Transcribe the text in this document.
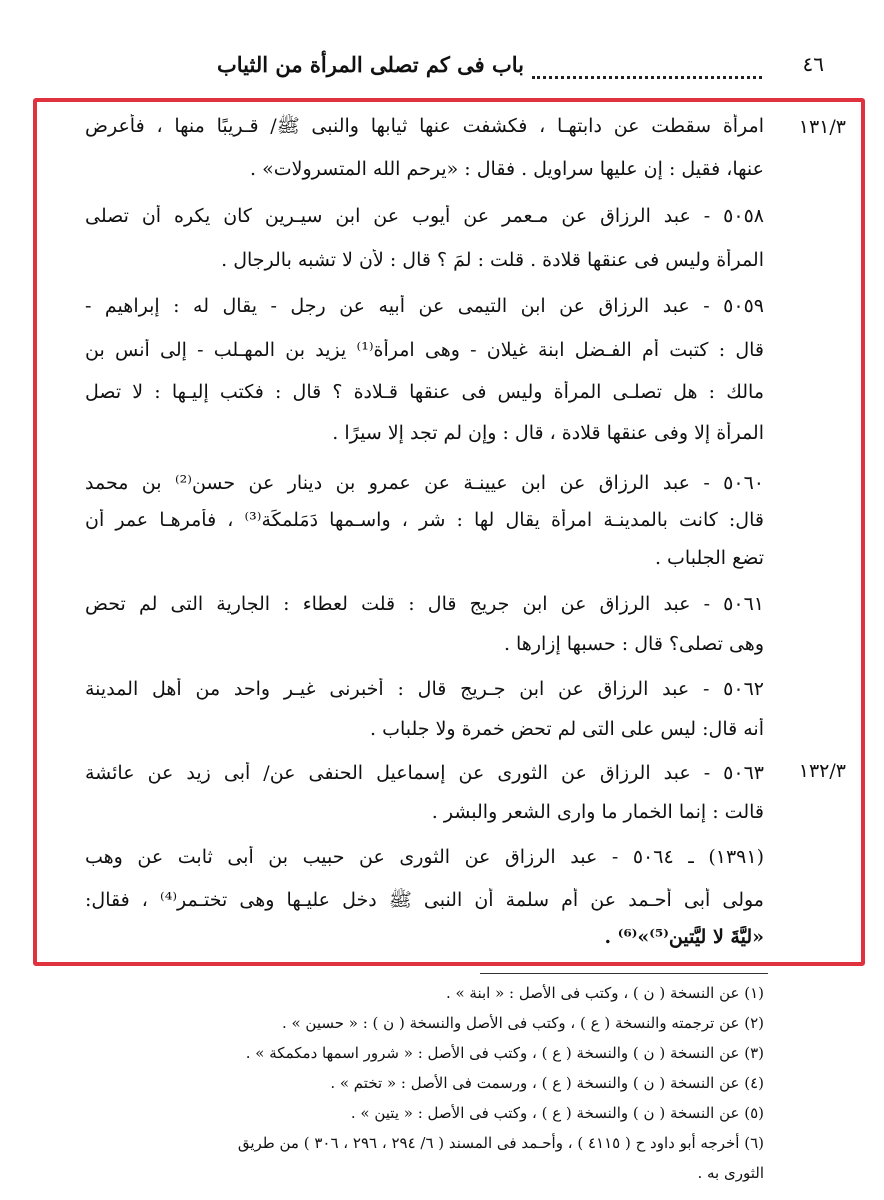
٤٦
باب فى كم تصلى المرأة من الثياب
١٣١/٣
١٣٢/٣
امرأة سقطت عن دابتهـا ، فكشفت عنها ثيابها والنبى ﷺ/ قـريبًا منها ، فأعرض
عنها، فقيل : إن عليها سراويل . فقال : «يرحم الله المتسرولات» .
٥٠٥٨ - عبد الرزاق عن مـعمر عن أيوب عن ابن سيـرين كان يكره أن تصلى
المرأة وليس فى عنقها قلادة . قلت : لمَ ؟ قال : لأن لا تشبه بالرجال .
٥٠٥٩ - عبد الرزاق عن ابن التيمى عن أبيه عن رجل - يقال له : إبراهيم -
قال : كتبت أم الفـضل ابنة غيلان - وهى امرأة⁽¹⁾ يزيد بن المهـلب - إلى أنس بن
مالك : هل تصلـى المرأة وليس فى عنقها قـلادة ؟ قال : فكتب إليـها : لا تصل
المرأة إلا وفى عنقها قلادة ، قال : وإن لم تجد إلا سيرًا .
٥٠٦٠ - عبد الرزاق عن ابن عيينـة عن عمرو بن دينار عن حسن⁽²⁾ بن محمد
قال: كانت بالمدينـة امرأة يقال لها : شر ، واسـمها دَمَلمكَة⁽³⁾ ، فأمرهـا عمر أن
تضع الجلباب .
٥٠٦١ - عبد الرزاق عن ابن جريج قال : قلت لعطاء : الجارية التى لم تحض
وهى تصلى؟ قال : حسبها إزارها .
٥٠٦٢ - عبد الرزاق عن ابن جـريج قال : أخبرنى غيـر واحد من أهل المدينة
أنه قال: ليس على التى لم تحض خمرة ولا جلباب .
٥٠٦٣ - عبد الرزاق عن الثورى عن إسماعيل الحنفى عن/ أبى زيد عن عائشة
قالت : إنما الخمار ما وارى الشعر والبشر .
(١٣٩١) ـ ٥٠٦٤ - عبد الرزاق عن الثورى عن حبيب بن أبى ثابت عن وهب
مولى أبى أحـمد عن أم سلمة أن النبى ﷺ دخل عليـها وهى تختـمر⁽⁴⁾ ، فقال:
«ليَّةَ لا ليَّتين⁽⁵⁾»⁽⁶⁾ .
(١) عن النسخة ( ن ) ، وكتب فى الأصل : « ابنة » .
(٢) عن ترجمته والنسخة ( ع ) ، وكتب فى الأصل والنسخة ( ن ) : « حسين » .
(٣) عن النسخة ( ن ) والنسخة ( ع ) ، وكتب فى الأصل : « شرور اسمها دمكمكة » .
(٤) عن النسخة ( ن ) والنسخة ( ع ) ، ورسمت فى الأصل : « تختم » .
(٥) عن النسخة ( ن ) والنسخة ( ع ) ، وكتب فى الأصل : « يتين » .
(٦) أخرجه أبو داود ح ( ٤١١٥ ) ، وأحـمد فى المسند ( ٦/ ٢٩٤ ، ٢٩٦ ، ٣٠٦ ) من طريق
الثورى به .
